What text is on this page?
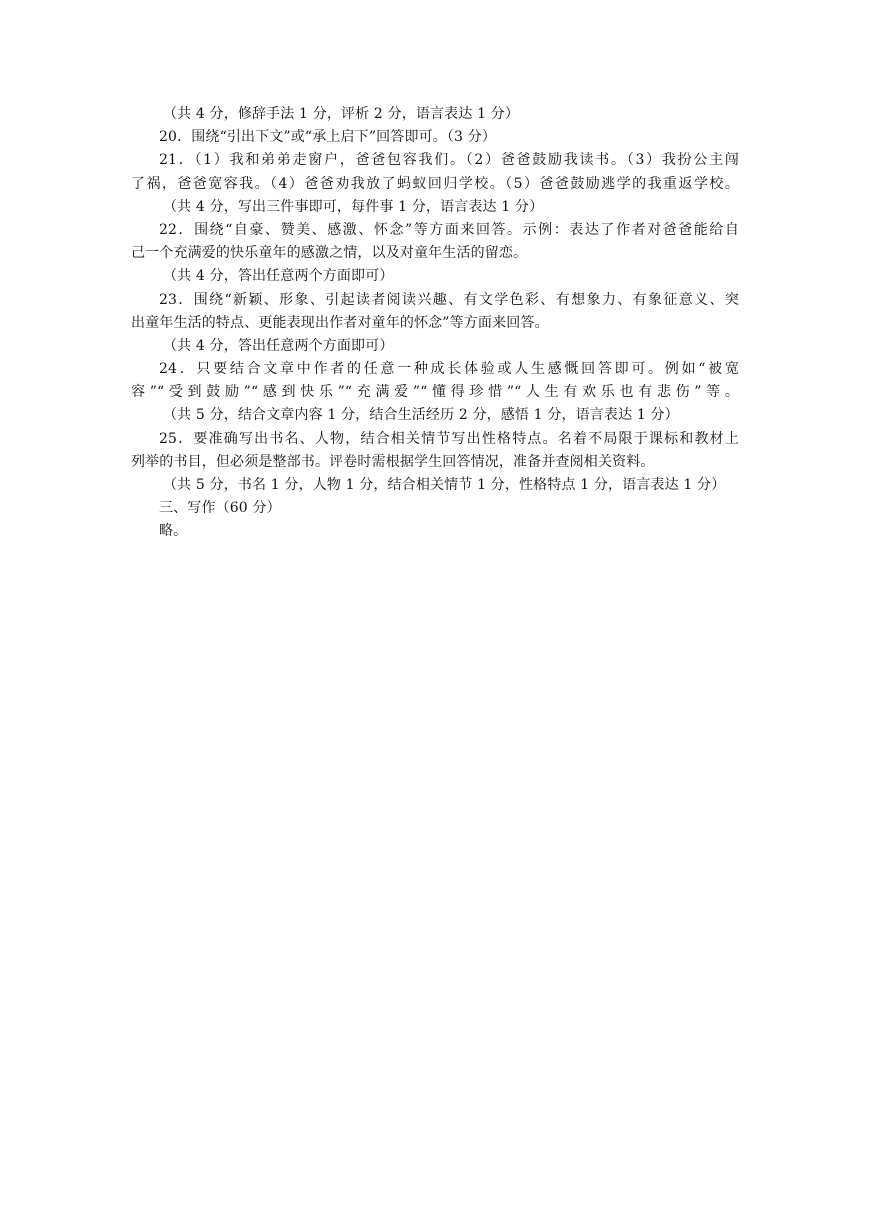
（共 4 分，修辞手法 1 分，评析 2 分，语言表达 1 分）
20．围绕“引出下文”或“承上启下”回答即可。（3 分）
21．（1）我和弟弟走窗户，爸爸包容我们。（2）爸爸鼓励我读书。（3）我扮公主闯
了祸，爸爸宽容我。（4）爸爸劝我放了蚂蚁回归学校。（5）爸爸鼓励逃学的我重返学校。
（共 4 分，写出三件事即可，每件事 1 分，语言表达 1 分）
22．围绕“自豪、赞美、感激、怀念”等方面来回答。示例：表达了作者对爸爸能给自
己一个充满爱的快乐童年的感激之情，以及对童年生活的留恋。
（共 4 分，答出任意两个方面即可）
23．围绕“新颖、形象、引起读者阅读兴趣、有文学色彩、有想象力、有象征意义、突
出童年生活的特点、更能表现出作者对童年的怀念”等方面来回答。
（共 4 分，答出任意两个方面即可）
24．只要结合文章中作者的任意一种成长体验或人生感慨回答即可。例如“被宽
容”“受到鼓励”“感到快乐”“充满爱”“懂得珍惜”“人生有欢乐也有悲伤”等。
（共 5 分，结合文章内容 1 分，结合生活经历 2 分，感悟 1 分，语言表达 1 分）
25．要准确写出书名、人物，结合相关情节写出性格特点。名着不局限于课标和教材上
列举的书目，但必须是整部书。评卷时需根据学生回答情况，准备并查阅相关资料。
（共 5 分，书名 1 分，人物 1 分，结合相关情节 1 分，性格特点 1 分，语言表达 1 分）
三、写作（60 分）
略。
